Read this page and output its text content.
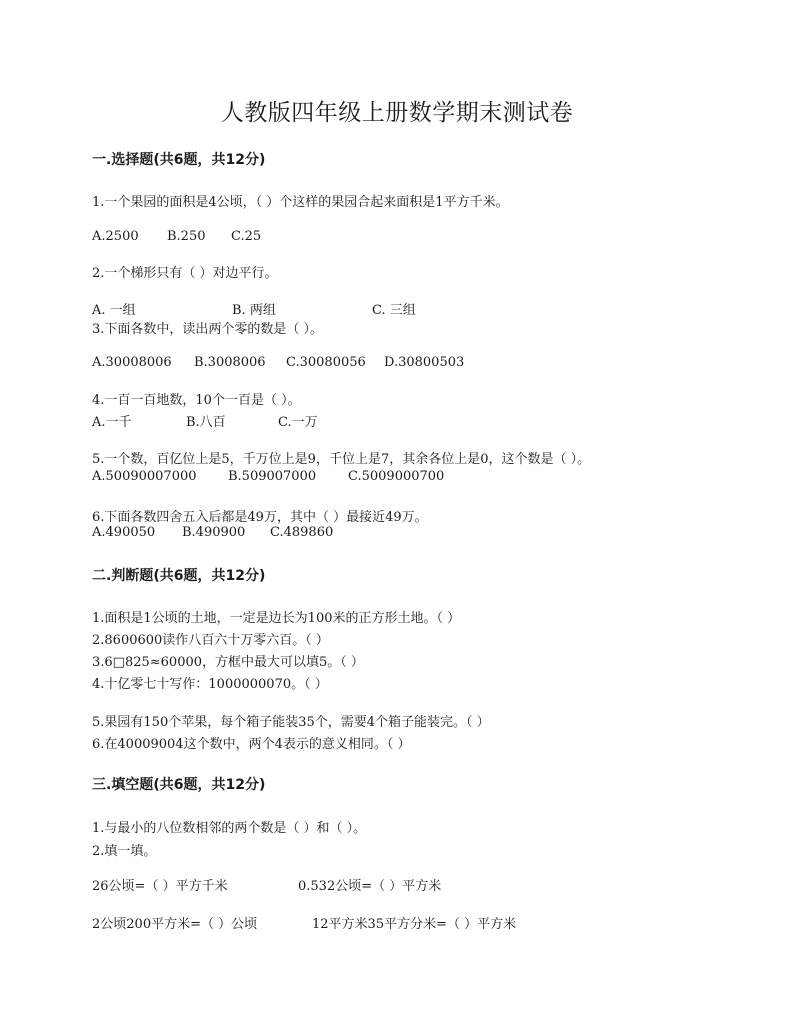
人教版四年级上册数学期末测试卷
一.选择题(共6题，共12分)
1.一个果园的面积是4公顷，（ ）个这样的果园合起来面积是1平方千米。
A.2500 B.250 C.25
2.一个梯形只有（ ）对边平行。
A. 一组	B. 两组	C. 三组
3.下面各数中，读出两个零的数是（ ）。
A.30008006 B.3008006 C.30080056 D.30800503
4.一百一百地数，10个一百是（ ）。
A.一千	B.八百	C.一万
5.一个数，百亿位上是5，千万位上是9，千位上是7，其余各位上是0，这个数是（ ）。
A.50090007000 B.509007000 C.5009000700
6.下面各数四舍五入后都是49万，其中（ ）最接近49万。
A.490050 B.490900 C.489860
二.判断题(共6题，共12分)
1.面积是1公顷的土地，一定是边长为100米的正方形土地。（ ）
2.8600600读作八百六十万零六百。（ ）
3.6□825≈60000，方框中最大可以填5。（ ）
4.十亿零七十写作：1000000070。（ ）
5.果园有150个苹果，每个箱子能装35个，需要4个箱子能装完。（ ）
6.在40009004这个数中，两个4表示的意义相同。（ ）
三.填空题(共6题，共12分)
1.与最小的八位数相邻的两个数是（ ）和（ ）。
2.填一填。
26公顷=（ ）平方千米	0.532公顷=（ ）平方米
2公顷200平方米=（ ）公顷	12平方米35平方分米=（ ）平方米
